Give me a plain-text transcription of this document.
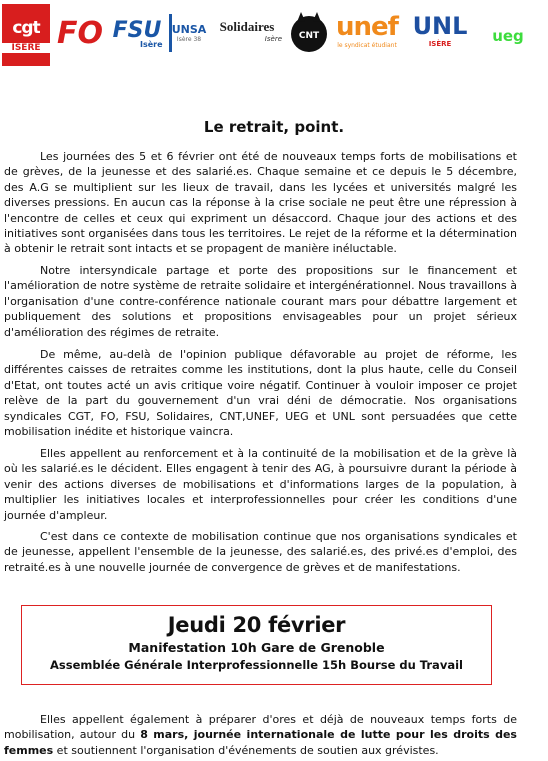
cgt
ISERE FO FSU
Isère
UNSA
Isère 38
Solidaires
Isère CNT unef
le syndicat étudiant
UNL
ISÈRE	ueg
Le retrait, point.

Les journées des 5 et 6 février ont été de nouveaux temps forts de mobilisations et de grèves, de la jeunesse et des salarié.es. Chaque semaine et ce depuis le 5 décembre, des A.G se multiplient sur les lieux de travail, dans les lycées et universités malgré les diverses pressions. En aucun cas la réponse à la crise sociale ne peut être une répression à l'encontre de celles et ceux qui expriment un désaccord. Chaque jour des actions et des initiatives sont organisées dans tous les territoires. Le rejet de la réforme et la détermination à obtenir le retrait sont intacts et se propagent de manière inéluctable.

Notre intersyndicale partage et porte des propositions sur le financement et l'amélioration de notre système de retraite solidaire et intergénérationnel. Nous travaillons à l'organisation d'une contre-conférence nationale courant mars pour débattre largement et publiquement des solutions et propositions envisageables pour un projet sérieux d'amélioration des régimes de retraite.

De même, au-delà de l'opinion publique défavorable au projet de réforme, les différentes caisses de retraites comme les institutions, dont la plus haute, celle du Conseil d'Etat, ont toutes acté un avis critique voire négatif. Continuer à vouloir imposer ce projet relève de la part du gouvernement d'un vrai déni de démocratie. Nos organisations syndicales CGT, FO, FSU, Solidaires, CNT,UNEF, UEG et UNL sont persuadées que cette mobilisation inédite et historique vaincra.

Elles appellent au renforcement et à la continuité de la mobilisation et de la grève là où les salarié.es le décident. Elles engagent à tenir des AG, à poursuivre durant la période à venir des actions diverses de mobilisations et d'informations larges de la population, à multiplier les initiatives locales et interprofessionnelles pour créer les conditions d'une journée d'ampleur.

C'est dans ce contexte de mobilisation continue que nos organisations syndicales et de jeunesse, appellent l'ensemble de la jeunesse, des salarié.es, des privé.es d'emploi, des retraité.es à une nouvelle journée de convergence de grèves et de manifestations.

Jeudi 20 février
Manifestation 10h Gare de Grenoble
Assemblée Générale Interprofessionnelle 15h Bourse du Travail

Elles appellent également à préparer d'ores et déjà de nouveaux temps forts de mobilisation, autour du 8 mars, journée internationale de lutte pour les droits des femmes et soutiennent l'organisation d'événements de soutien aux grévistes.
